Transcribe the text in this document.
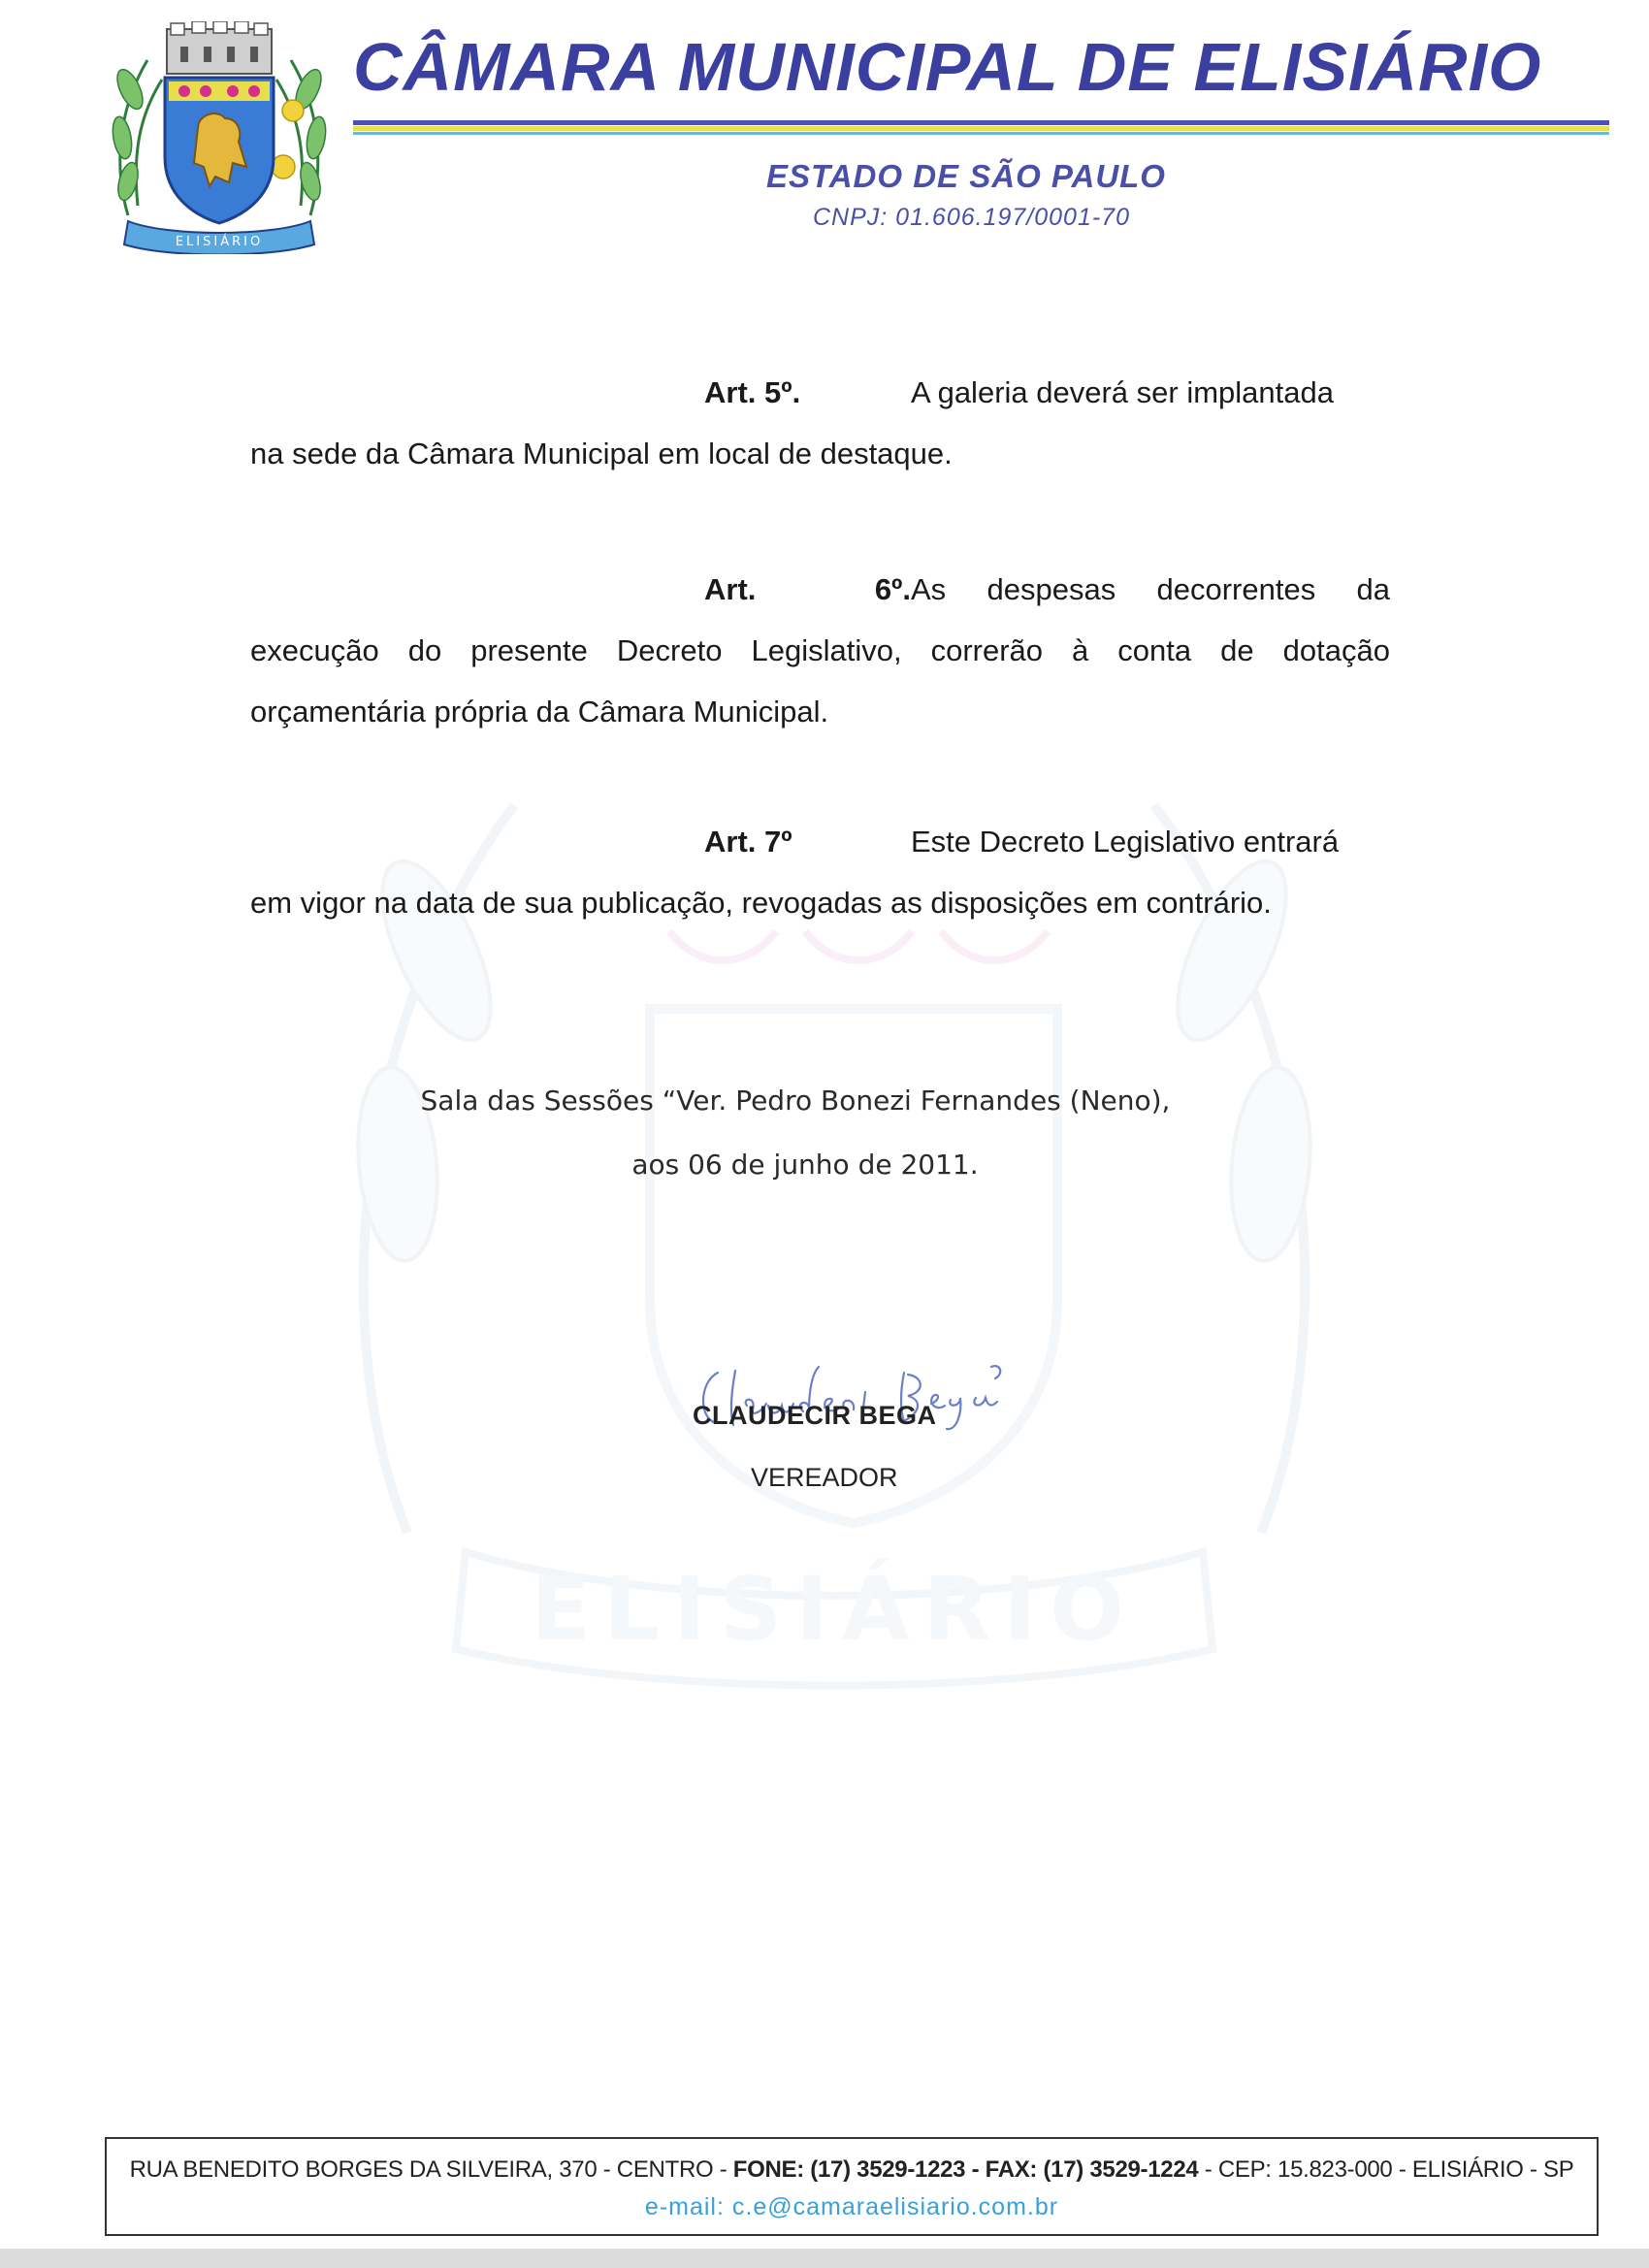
ELISIÁRIO
CÂMARA MUNICIPAL DE ELISIÁRIO
ESTADO DE SÃO PAULO
CNPJ: 01.606.197/0001-70
ELISIÁRIO

Art. 5º.	A galeria deverá ser implantada

na sede da Câmara Municipal em local de destaque.

Art. 6º.As despesas decorrentes da

execução do presente Decreto Legislativo, correrão à conta de dotação

orçamentária própria da Câmara Municipal.

Art. 7º	Este Decreto Legislativo entrará

em vigor na data de sua publicação, revogadas as disposições em contrário.

Sala das Sessões “Ver. Pedro Bonezi Fernandes (Neno),
aos 06 de junho de 2011.
CLAUDECIR BEGA
VEREADOR
RUA BENEDITO BORGES DA SILVEIRA, 370 - CENTRO - FONE: (17) 3529-1223 - FAX: (17) 3529-1224 - CEP: 15.823-000 - ELISIÁRIO - SP
e-mail: c.e@camaraelisiario.com.br
